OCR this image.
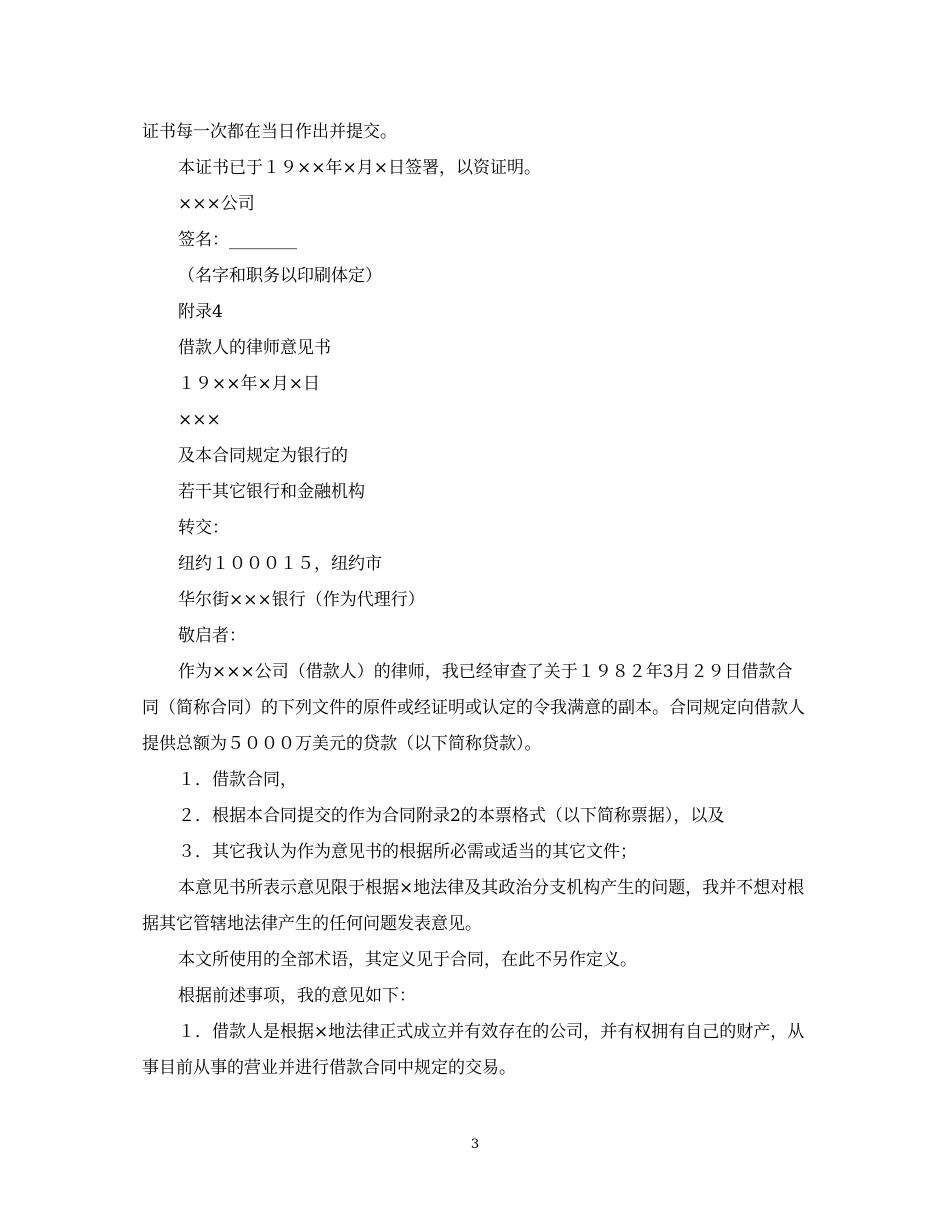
证书每一次都在当日作出并提交。

本证书已于１９××年×月×日签署，以资证明。

×××公司

签名：________

（名字和职务以印刷体定）

附录4

借款人的律师意见书

１９××年×月×日

×××

及本合同规定为银行的

若干其它银行和金融机构

转交：

纽约１０００１５，纽约市

华尔街×××银行（作为代理行）

敬启者：

作为×××公司（借款人）的律师，我已经审查了关于１９８２年3月２９日借款合同（简称合同）的下列文件的原件或经证明或认定的令我满意的副本。合同规定向借款人提供总额为５０００万美元的贷款（以下简称贷款）。

１．借款合同，

２．根据本合同提交的作为合同附录2的本票格式（以下简称票据），以及

３．其它我认为作为意见书的根据所必需或适当的其它文件；

本意见书所表示意见限于根据×地法律及其政治分支机构产生的问题，我并不想对根据其它管辖地法律产生的任何问题发表意见。

本文所使用的全部术语，其定义见于合同，在此不另作定义。

根据前述事项，我的意见如下：

１．借款人是根据×地法律正式成立并有效存在的公司，并有权拥有自己的财产，从事目前从事的营业并进行借款合同中规定的交易。

3
